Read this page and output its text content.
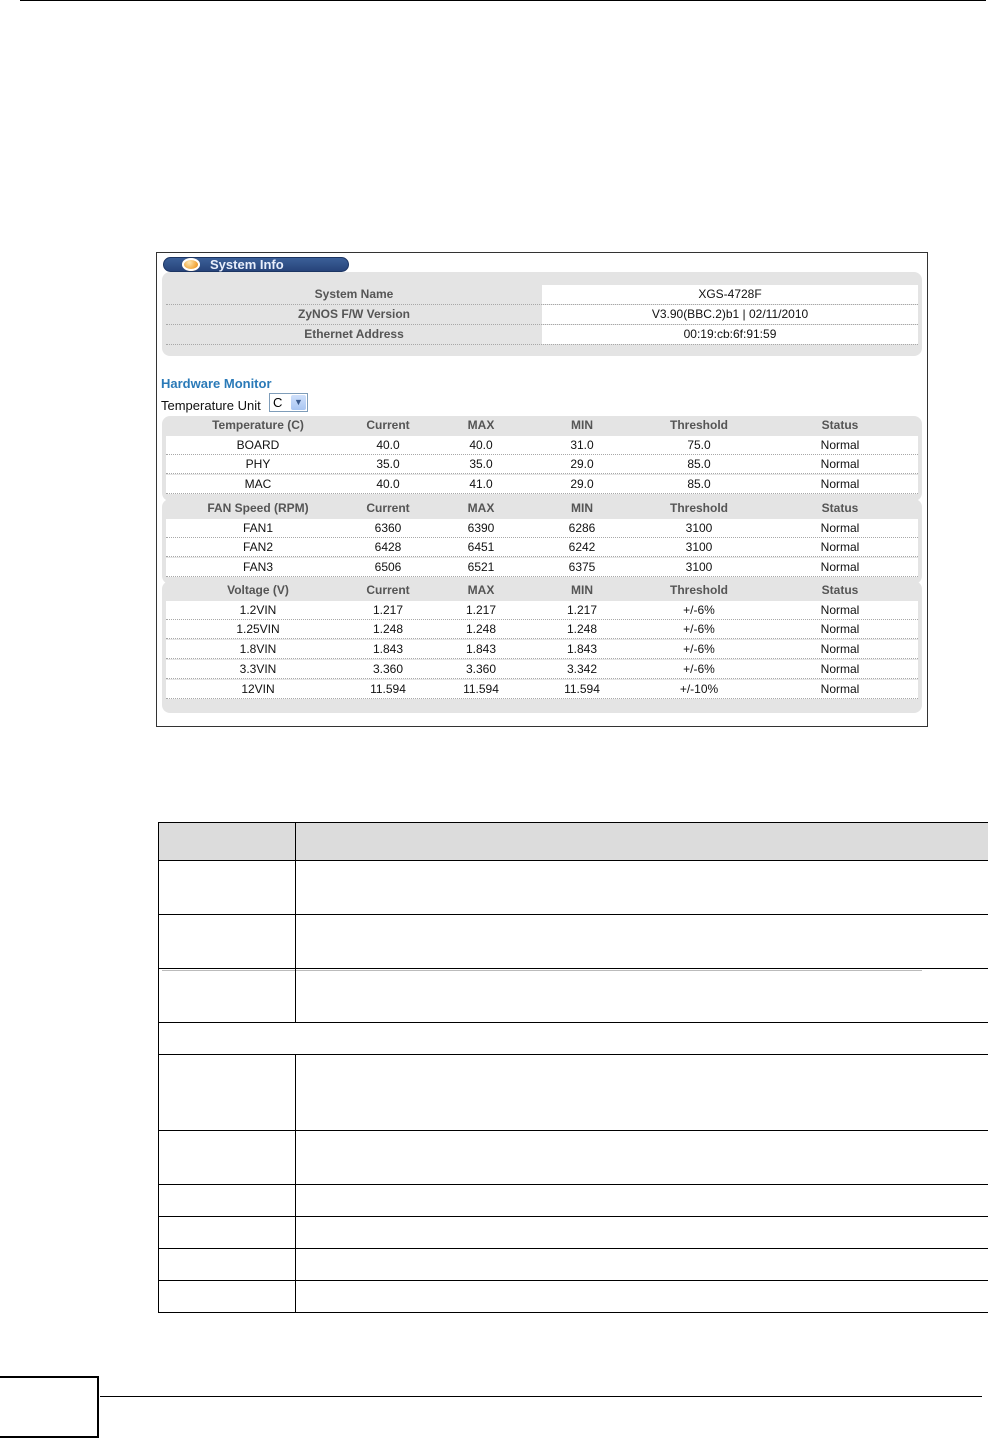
System Info
System Name	XGS-4728F
ZyNOS F/W Version	V3.90(BBC.2)b1 | 02/11/2010
Ethernet Address	00:19:cb:6f:91:59
Hardware Monitor
Temperature Unit C	▼
Temperature (C)	Current	MAX	MIN	Threshold	Status
BOARD	40.0	40.0	31.0	75.0	Normal
PHY	35.0	35.0	29.0	85.0	Normal
MAC	40.0	41.0	29.0	85.0	Normal
FAN Speed (RPM)	Current	MAX	MIN	Threshold	Status
FAN1	6360	6390	6286	3100	Normal
FAN2	6428	6451	6242	3100	Normal
FAN3	6506	6521	6375	3100	Normal
Voltage (V)	Current	MAX	MIN	Threshold	Status
1.2VIN	1.217	1.217	1.217	+/-6%	Normal
1.25VIN	1.248	1.248	1.248	+/-6%	Normal
1.8VIN	1.843	1.843	1.843	+/-6%	Normal
3.3VIN	3.360	3.360	3.342	+/-6%	Normal
12VIN	11.594	11.594	11.594	+/-10%	Normal
